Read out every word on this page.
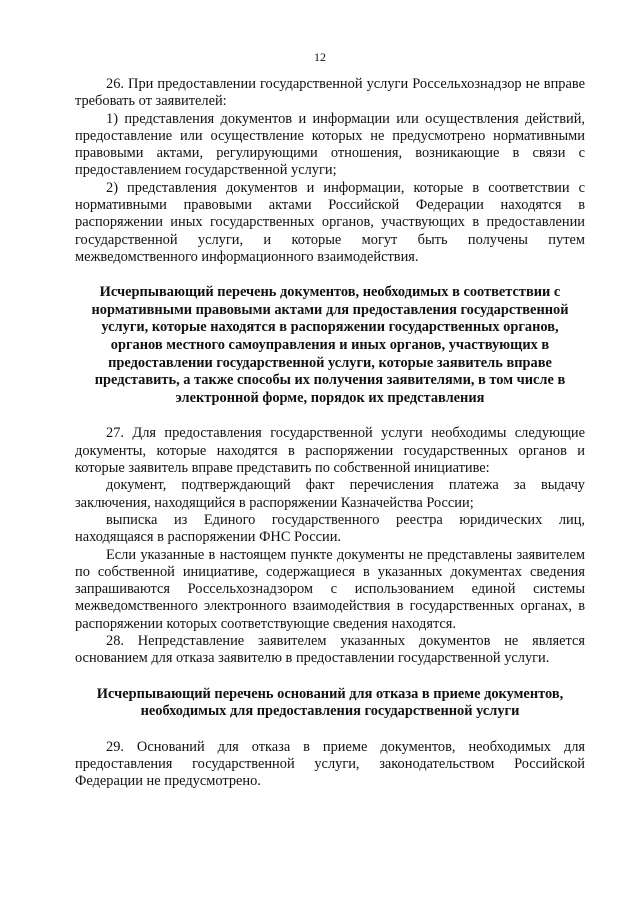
12

26. При предоставлении государственной услуги Россельхознадзор не вправе требовать от заявителей:

1) представления документов и информации или осуществления действий, предоставление или осуществление которых не предусмотрено нормативными правовыми актами, регулирующими отношения, возникающие в связи с предоставлением государственной услуги;

2) представления документов и информации, которые в соответствии с нормативными правовыми актами Российской Федерации находятся в распоряжении иных государственных органов, участвующих в предоставлении государственной услуги, и которые могут быть получены путем межведомственного информационного взаимодействия.

Исчерпывающий перечень документов, необходимых в соответствии с нормативными правовыми актами для предоставления государственной услуги, которые находятся в распоряжении государственных органов, органов местного самоуправления и иных органов, участвующих в предоставлении государственной услуги, которые заявитель вправе представить, а также способы их получения заявителями, в том числе в электронной форме, порядок их представления

27. Для предоставления государственной услуги необходимы следующие документы, которые находятся в распоряжении государственных органов и которые заявитель вправе представить по собственной инициативе:

документ, подтверждающий факт перечисления платежа за выдачу заключения, находящийся в распоряжении Казначейства России;

выписка из Единого государственного реестра юридических лиц, находящаяся в распоряжении ФНС России.

Если указанные в настоящем пункте документы не представлены заявителем по собственной инициативе, содержащиеся в указанных документах сведения запрашиваются Россельхознадзором с использованием единой системы межведомственного электронного взаимодействия в государственных органах, в распоряжении которых соответствующие сведения находятся.

28. Непредставление заявителем указанных документов не является основанием для отказа заявителю в предоставлении государственной услуги.

Исчерпывающий перечень оснований для отказа в приеме документов, необходимых для предоставления государственной услуги

29. Оснований для отказа в приеме документов, необходимых для предоставления государственной услуги, законодательством Российской Федерации не предусмотрено.
